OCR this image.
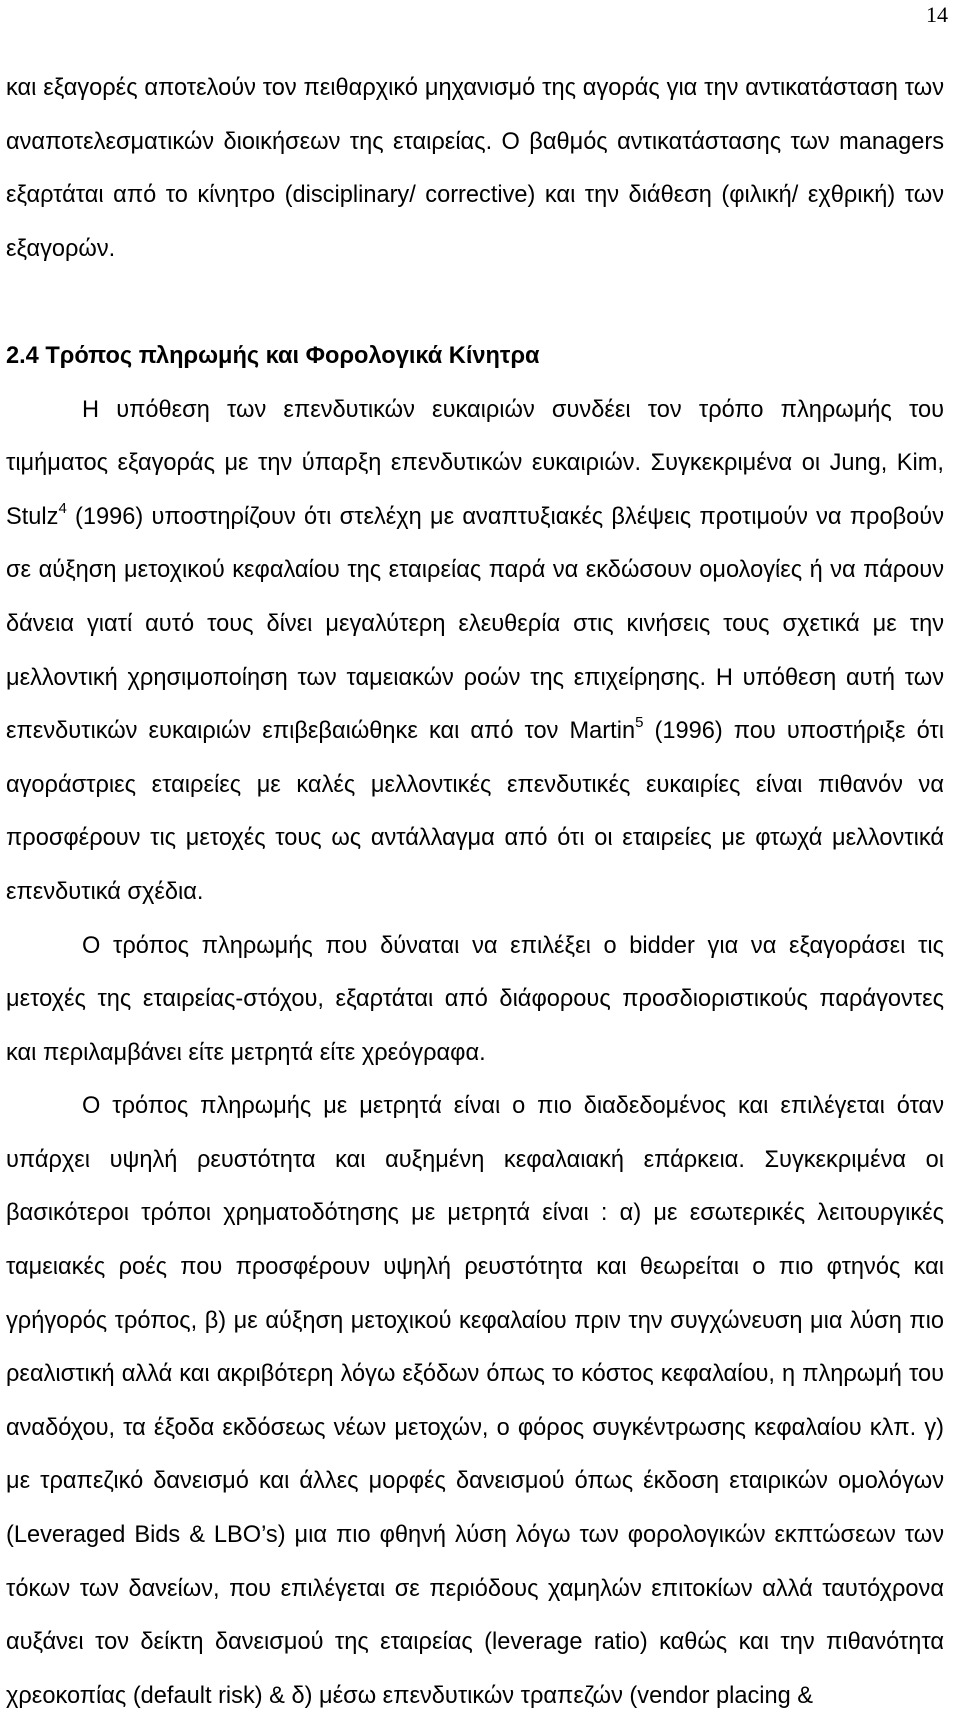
14

και εξαγορές αποτελούν τον πειθαρχικό μηχανισμό της αγοράς για την αντικατάσταση των αναποτελεσματικών διοικήσεων της εταιρείας. Ο βαθμός αντικατάστασης των managers εξαρτάται από το κίνητρο (disciplinary/ corrective) και την διάθεση (φιλική/ εχθρική) των εξαγορών.

2.4 Τρόπος πληρωμής και Φορολογικά Κίνητρα

Η υπόθεση των επενδυτικών ευκαιριών συνδέει τον τρόπο πληρωμής του τιμήματος εξαγοράς με την ύπαρξη επενδυτικών ευκαιριών. Συγκεκριμένα οι Jung, Kim, Stulz$^4$ (1996) υποστηρίζουν ότι στελέχη με αναπτυξιακές βλέψεις προτιμούν να προβούν σε αύξηση μετοχικού κεφαλαίου της εταιρείας παρά να εκδώσουν ομολογίες ή να πάρουν δάνεια γιατί αυτό τους δίνει μεγαλύτερη ελευθερία στις κινήσεις τους σχετικά με την μελλοντική χρησιμοποίηση των ταμειακών ροών της επιχείρησης. Η υπόθεση αυτή των επενδυτικών ευκαιριών επιβεβαιώθηκε και από τον Martin$^5$ (1996) που υποστήριξε ότι αγοράστριες εταιρείες με καλές μελλοντικές επενδυτικές ευκαιρίες είναι πιθανόν να προσφέρουν τις μετοχές τους ως αντάλλαγμα από ότι οι εταιρείες με φτωχά μελλοντικά επενδυτικά σχέδια.

Ο τρόπος πληρωμής που δύναται να επιλέξει ο bidder για να εξαγοράσει τις μετοχές της εταιρείας-στόχου, εξαρτάται από διάφορους προσδιοριστικούς παράγοντες και περιλαμβάνει είτε μετρητά είτε χρεόγραφα.

Ο τρόπος πληρωμής με μετρητά είναι ο πιο διαδεδομένος και επιλέγεται όταν υπάρχει υψηλή ρευστότητα και αυξημένη κεφαλαιακή επάρκεια. Συγκεκριμένα οι βασικότεροι τρόποι χρηματοδότησης με μετρητά είναι : α) με εσωτερικές λειτουργικές ταμειακές ροές που προσφέρουν υψηλή ρευστότητα και θεωρείται ο πιο φτηνός και γρήγορός τρόπος, β) με αύξηση μετοχικού κεφαλαίου πριν την συγχώνευση μια λύση πιο ρεαλιστική αλλά και ακριβότερη λόγω εξόδων όπως το κόστος κεφαλαίου, η πληρωμή του αναδόχου, τα έξοδα εκδόσεως νέων μετοχών, ο φόρος συγκέντρωσης κεφαλαίου κλπ. γ) με τραπεζικό δανεισμό και άλλες μορφές δανεισμού όπως έκδοση εταιρικών ομολόγων (Leveraged Bids & LBO’s) μια πιο φθηνή λύση λόγω των φορολογικών εκπτώσεων των τόκων των δανείων, που επιλέγεται σε περιόδους χαμηλών επιτοκίων αλλά ταυτόχρονα αυξάνει τον δείκτη δανεισμού της εταιρείας (leverage ratio) καθώς και την πιθανότητα χρεοκοπίας (default risk) & δ) μέσω επενδυτικών τραπεζών (vendor placing &
